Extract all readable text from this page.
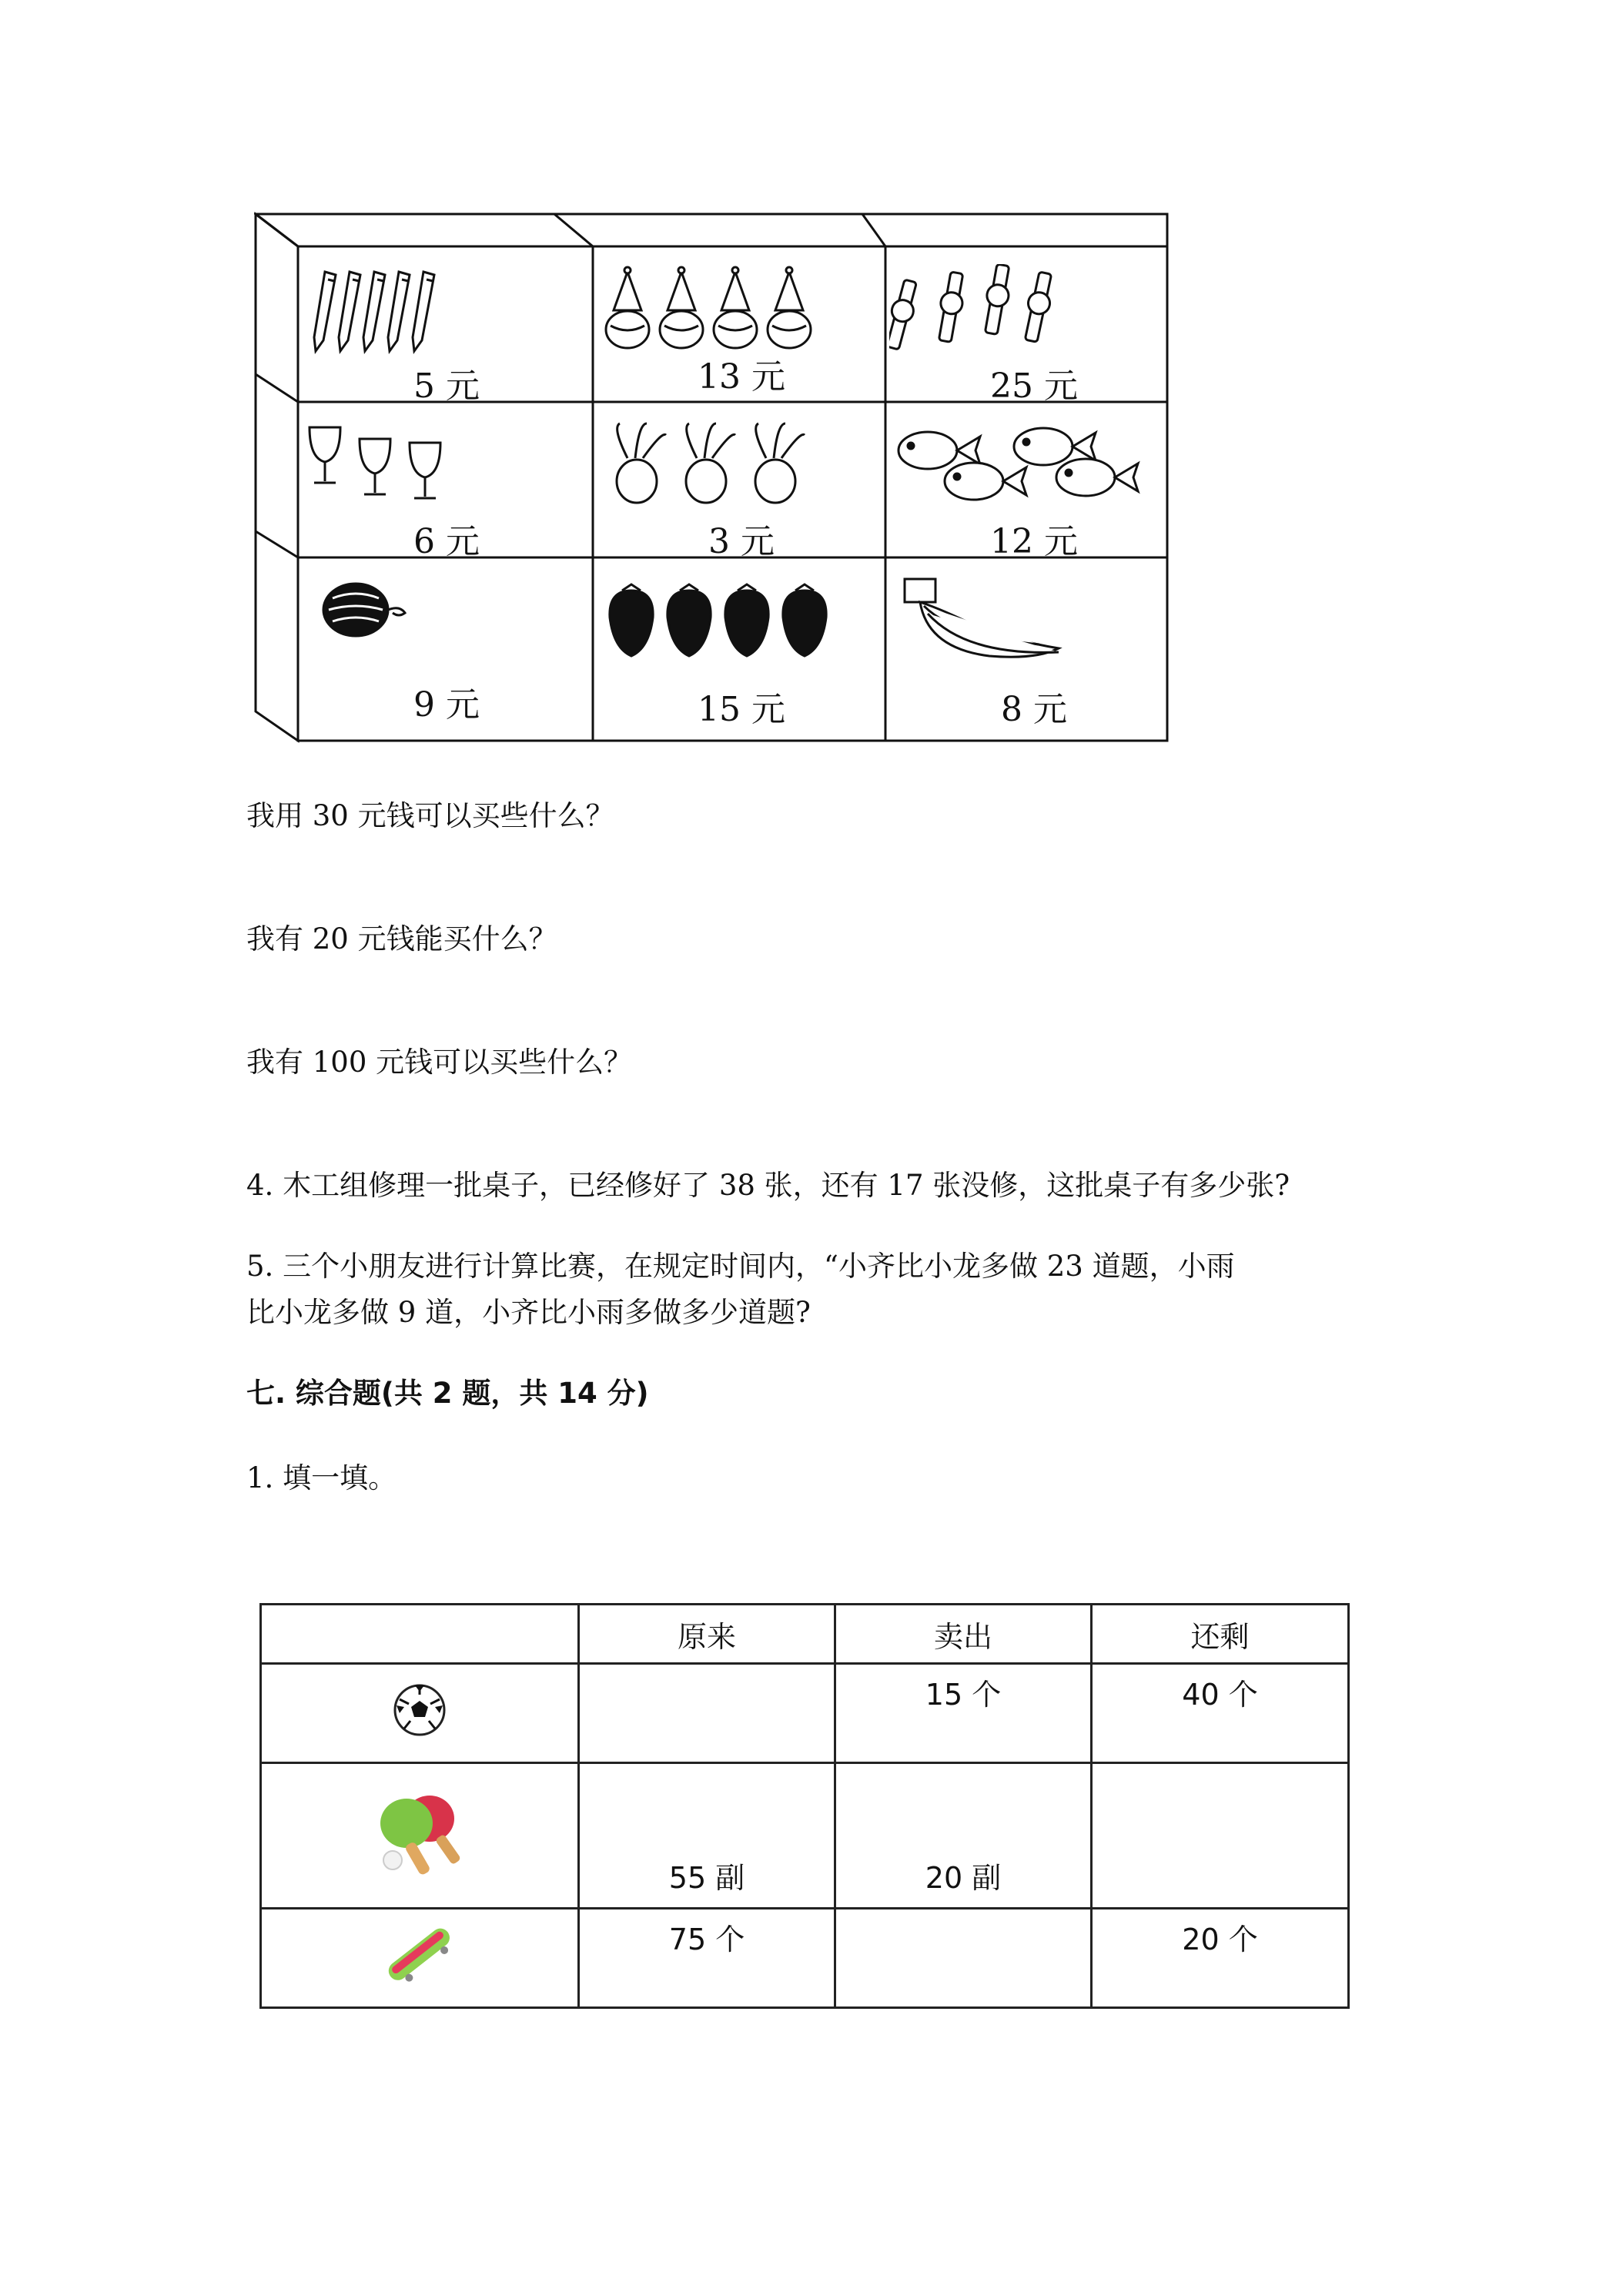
5 元	13 元	25 元
6 元	3 元	12 元
9 元	15 元	8 元
我用 30 元钱可以买些什么？
我有 20 元钱能买什么？
我有 100 元钱可以买些什么？
4. 木工组修理一批桌子，已经修好了 38 张，还有 17 张没修，这批桌子有多少张?
5. 三个小朋友进行计算比赛，在规定时间内，“小齐比小龙多做 23 道题，小雨
比小龙多做 9 道，小齐比小雨多做多少道题?
七. 综合题(共 2 题，共 14 分)
1. 填一填。
	原来	卖出	还剩
		15 个	40 个
	55 副	20 副	
	75 个		20 个
